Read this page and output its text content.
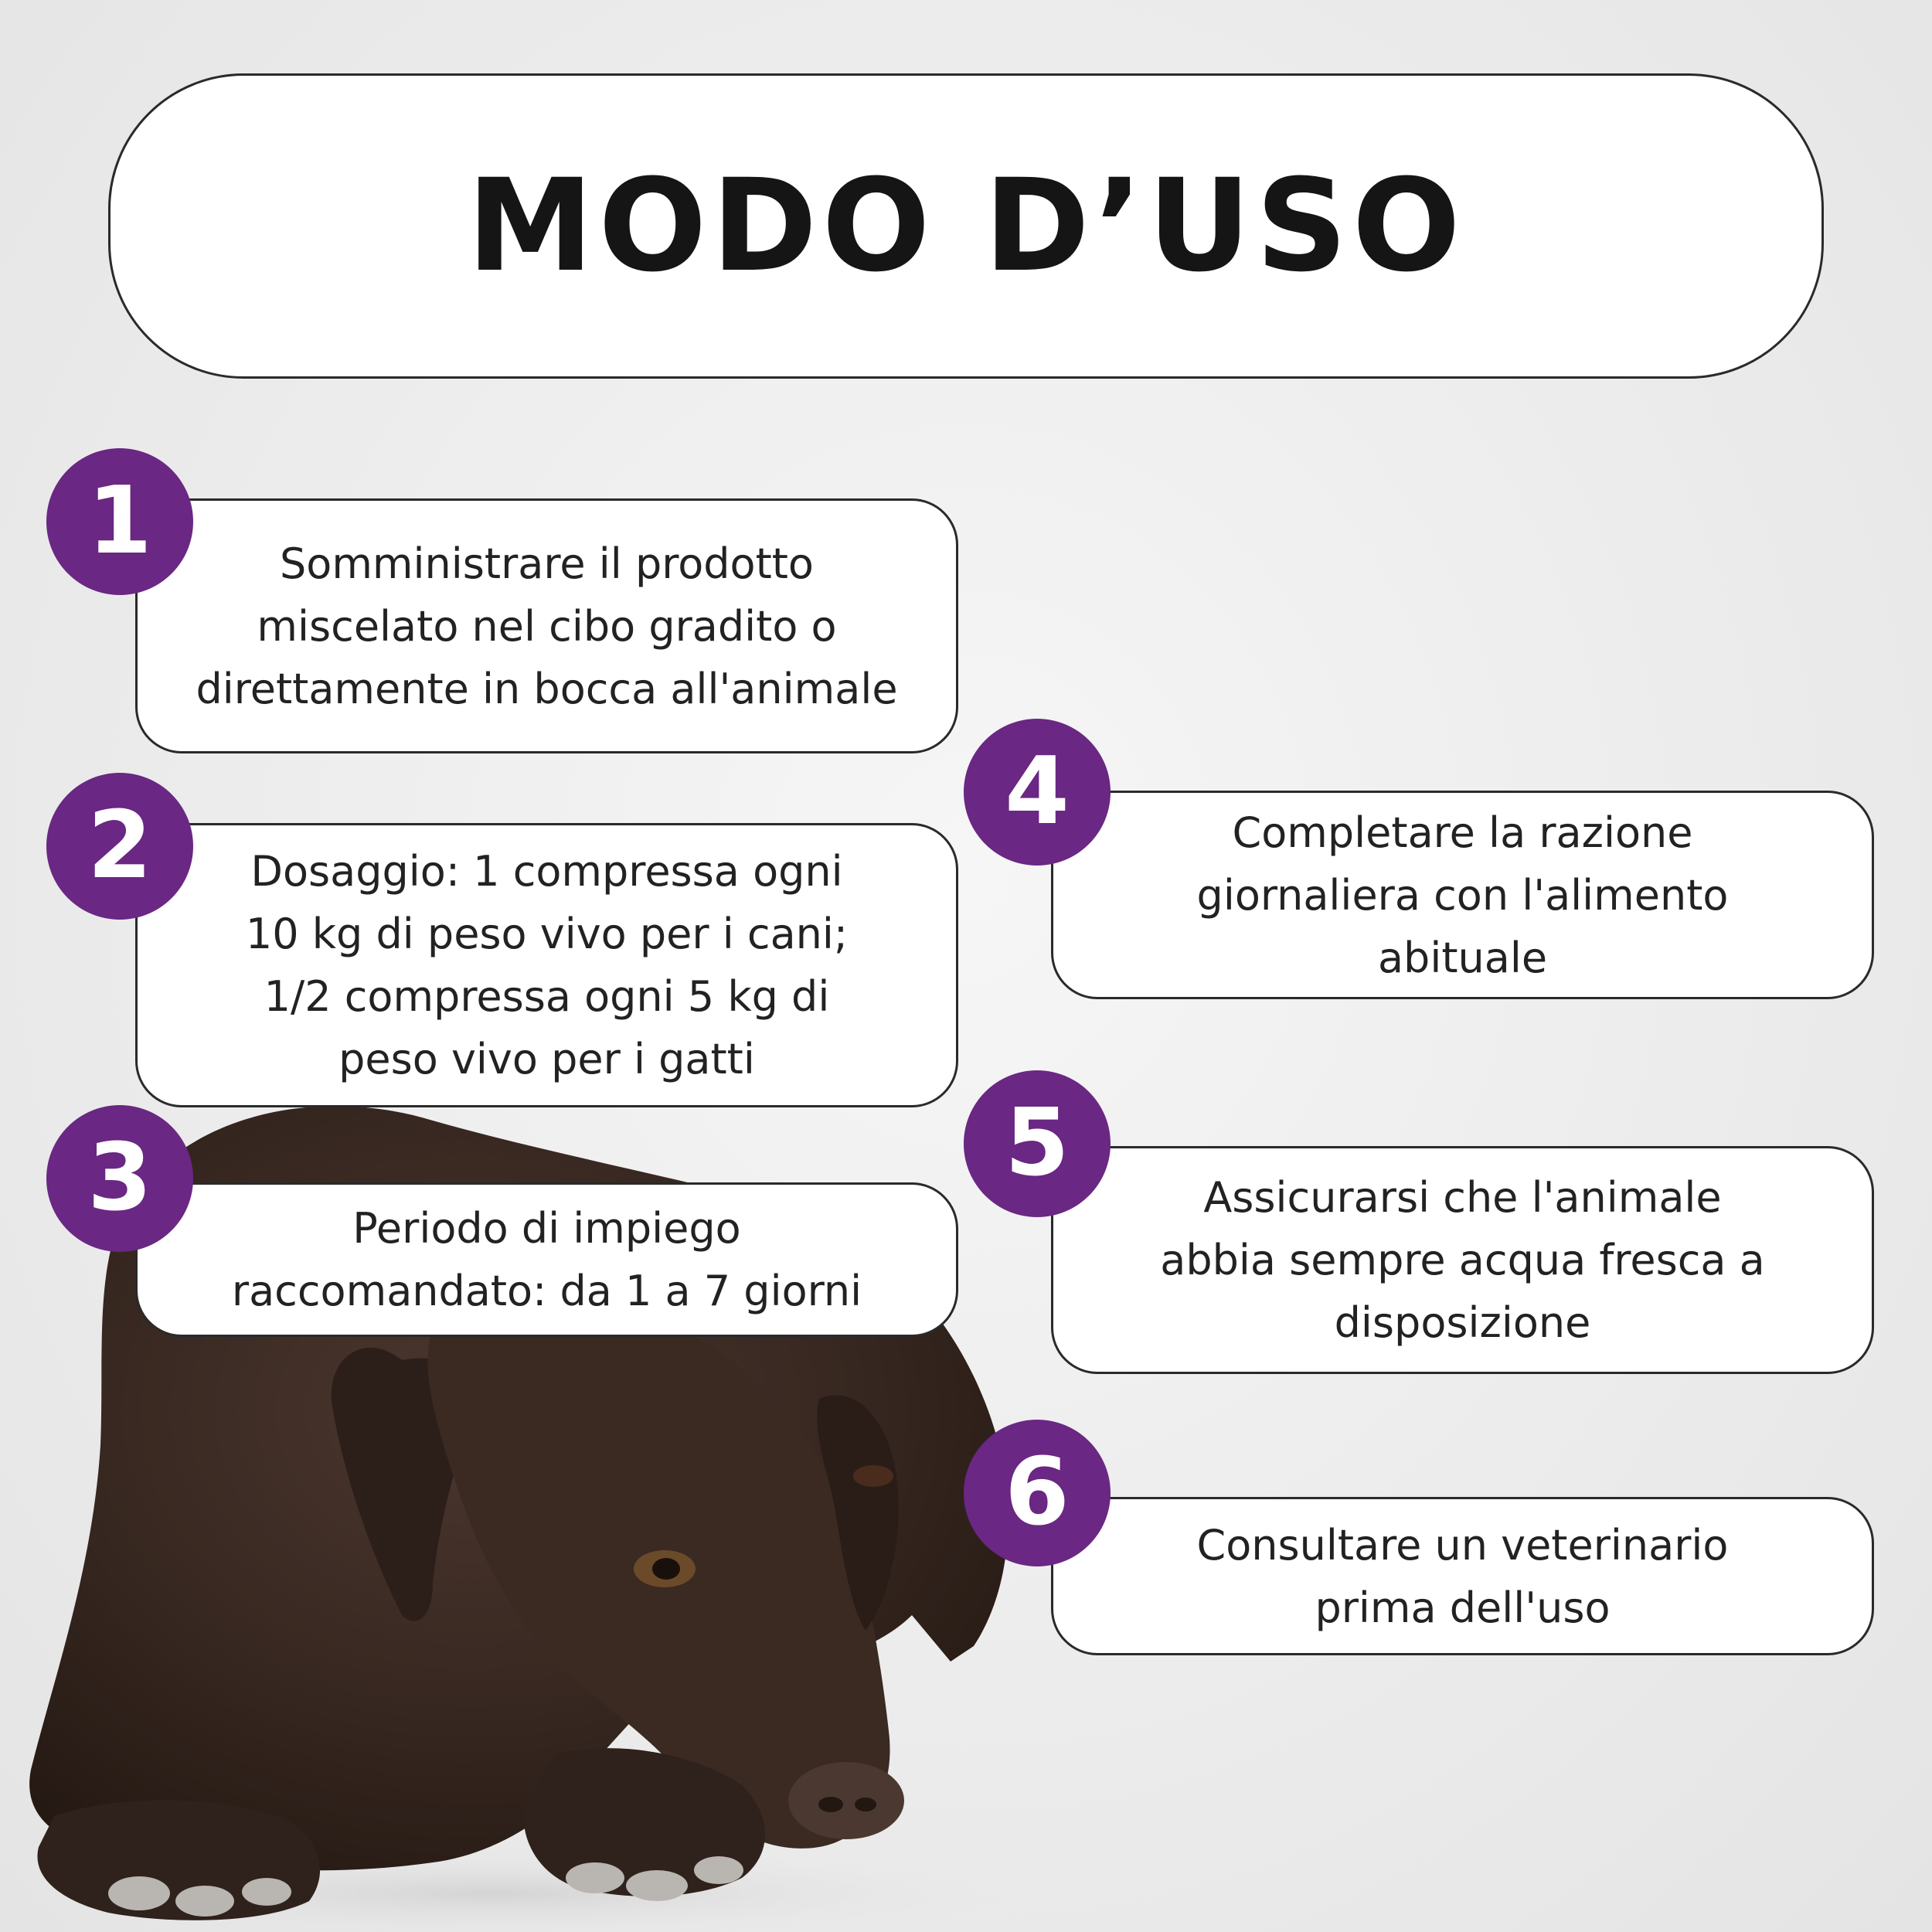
MODO D’USO
1	Somministrare il prodotto
miscelato nel cibo gradito o
direttamente in bocca all'animale
2 Dosaggio: 1 compressa ogni
10 kg di peso vivo per i cani;
1/2 compressa ogni 5 kg di
peso vivo per i gatti
3	Periodo di impiego
raccomandato: da 1 a 7 giorni
4	Completare la razione
giornaliera con l'alimento
abituale
5
Assicurarsi che l'animale
abbia sempre acqua fresca a
disposizione
6	Consultare un veterinario
prima dell'uso
